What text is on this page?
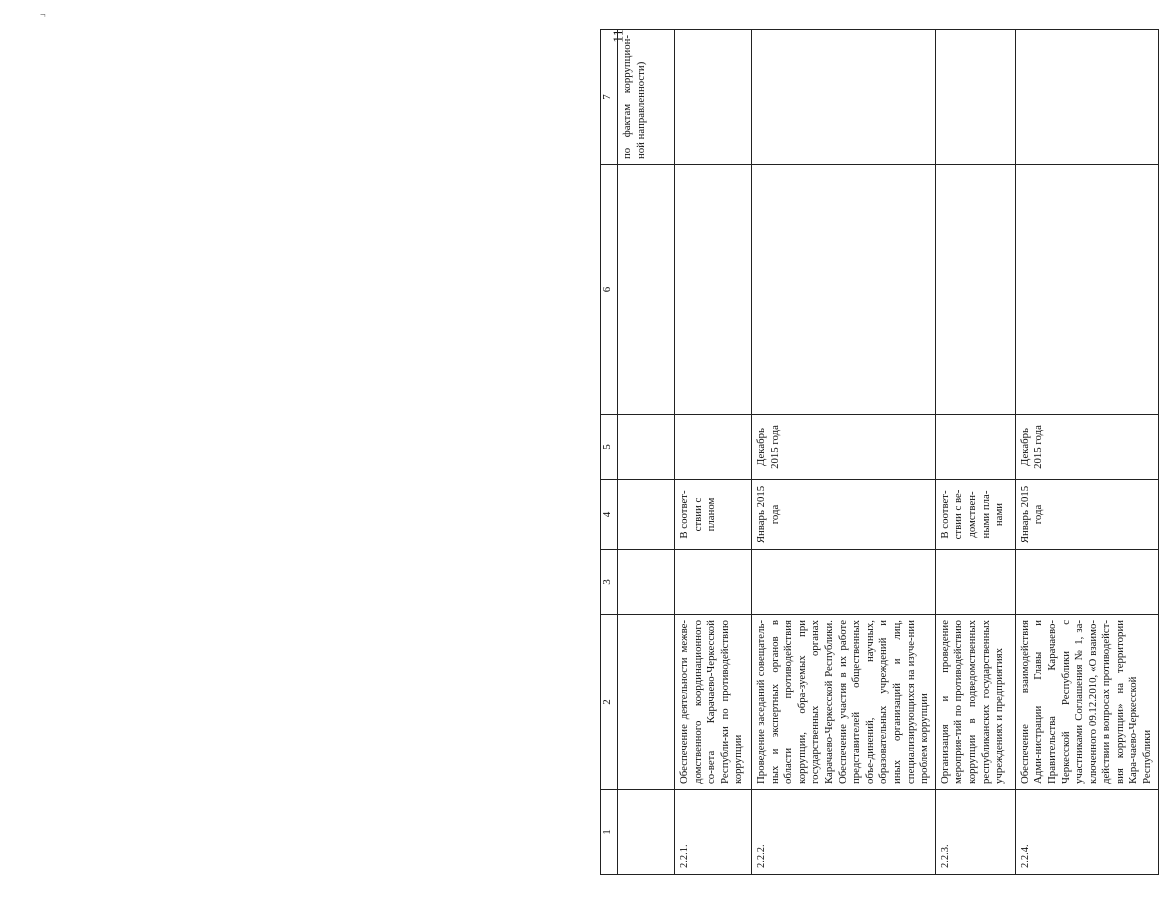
¬
11
1	2	3	4	5	6	7
						по фактам коррупцион-ной направленности)
2.2.1.	Обеспечение деятельности межве-домственного координационного со-вета Карачаево-Черкесской Республи-ки по противодействию коррупции		В соответ-ствии с планом			
2.2.2.	Проведение заседаний совещатель-ных и экспертных органов в области противодействия коррупции, обра-зуемых при государственных органах Карачаево-Черкесской Республики. Обеспечение участия в их работе представителей общественных объе-динений, научных, образовательных учреждений и иных организаций и лиц, специализирующихся на изуче-нии проблем коррупции		Январь 2015 года	Декабрь 2015 года		
2.2.3.	Организация и проведение мероприя-тий по противодействию коррупции в подведомственных республиканских государственных учреждениях и предприятиях		В соответ-ствии с ве-домствен-ными пла-нами			
2.2.4.	Обеспечение взаимодействия Адми-нистрации Главы и Правительства Карачаево-Черкесской Республики с участниками Соглашения № 1, за-ключенного 09.12.2010, «О взаимо-действии в вопросах противодейст-вия коррупции» на территории Кара-чаево-Черкесской Республики		Январь 2015 года	Декабрь 2015 года		
